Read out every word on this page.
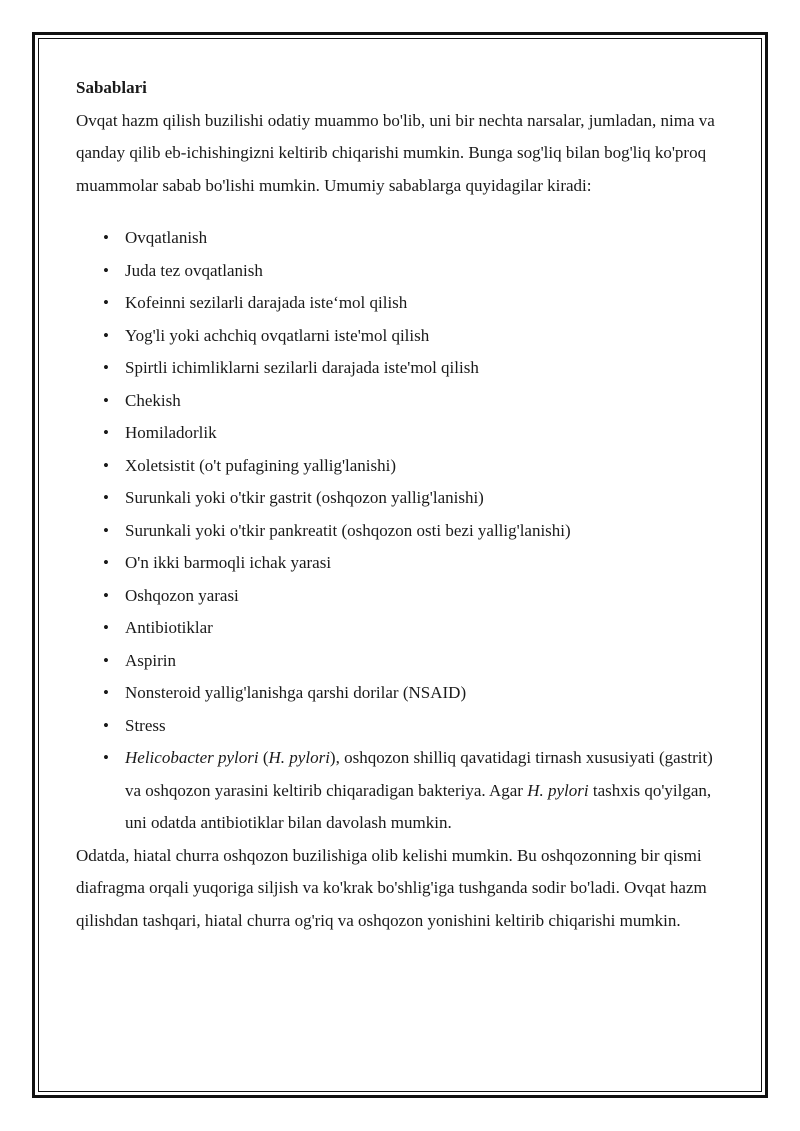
Sabablari

Ovqat hazm qilish buzilishi odatiy muammo bo'lib, uni bir nechta narsalar, jumladan, nima va qanday qilib eb-ichishingizni keltirib chiqarishi mumkin. Bunga sog'liq bilan bog'liq ko'proq muammolar sabab bo'lishi mumkin. Umumiy sabablarga quyidagilar kiradi:

• Ovqatlanish
• Juda tez ovqatlanish
• Kofeinni sezilarli darajada isteʻmol qilish
• Yog'li yoki achchiq ovqatlarni iste'mol qilish
• Spirtli ichimliklarni sezilarli darajada iste'mol qilish
• Chekish
• Homiladorlik
• Xoletsistit (o't pufagining yallig'lanishi)
• Surunkali yoki o'tkir gastrit (oshqozon yallig'lanishi)
• Surunkali yoki o'tkir pankreatit (oshqozon osti bezi yallig'lanishi)
• O'n ikki barmoqli ichak yarasi
• Oshqozon yarasi
• Antibiotiklar
• Aspirin
• Nonsteroid yallig'lanishga qarshi dorilar (NSAID)
• Stress
• Helicobacter pylori (H. pylori), oshqozon shilliq qavatidagi tirnash xususiyati (gastrit) va oshqozon yarasini keltirib chiqaradigan bakteriya. Agar H. pylori tashxis qo'yilgan, uni odatda antibiotiklar bilan davolash mumkin.

Odatda, hiatal churra oshqozon buzilishiga olib kelishi mumkin. Bu oshqozonning bir qismi diafragma orqali yuqoriga siljish va ko'krak bo'shlig'iga tushganda sodir bo'ladi. Ovqat hazm qilishdan tashqari, hiatal churra og'riq va oshqozon yonishini keltirib chiqarishi mumkin.
